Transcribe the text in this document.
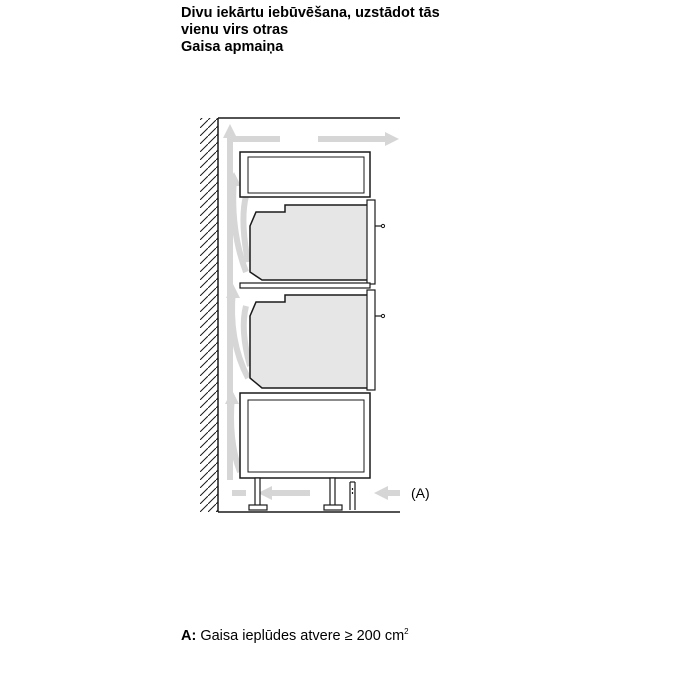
Divu iekārtu iebūvēšana, uzstādot tās
vienu virs otras
Gaisa apmaiņa
(A)
A: Gaisa ieplūdes atvere ≥ 200 $cm^2$
